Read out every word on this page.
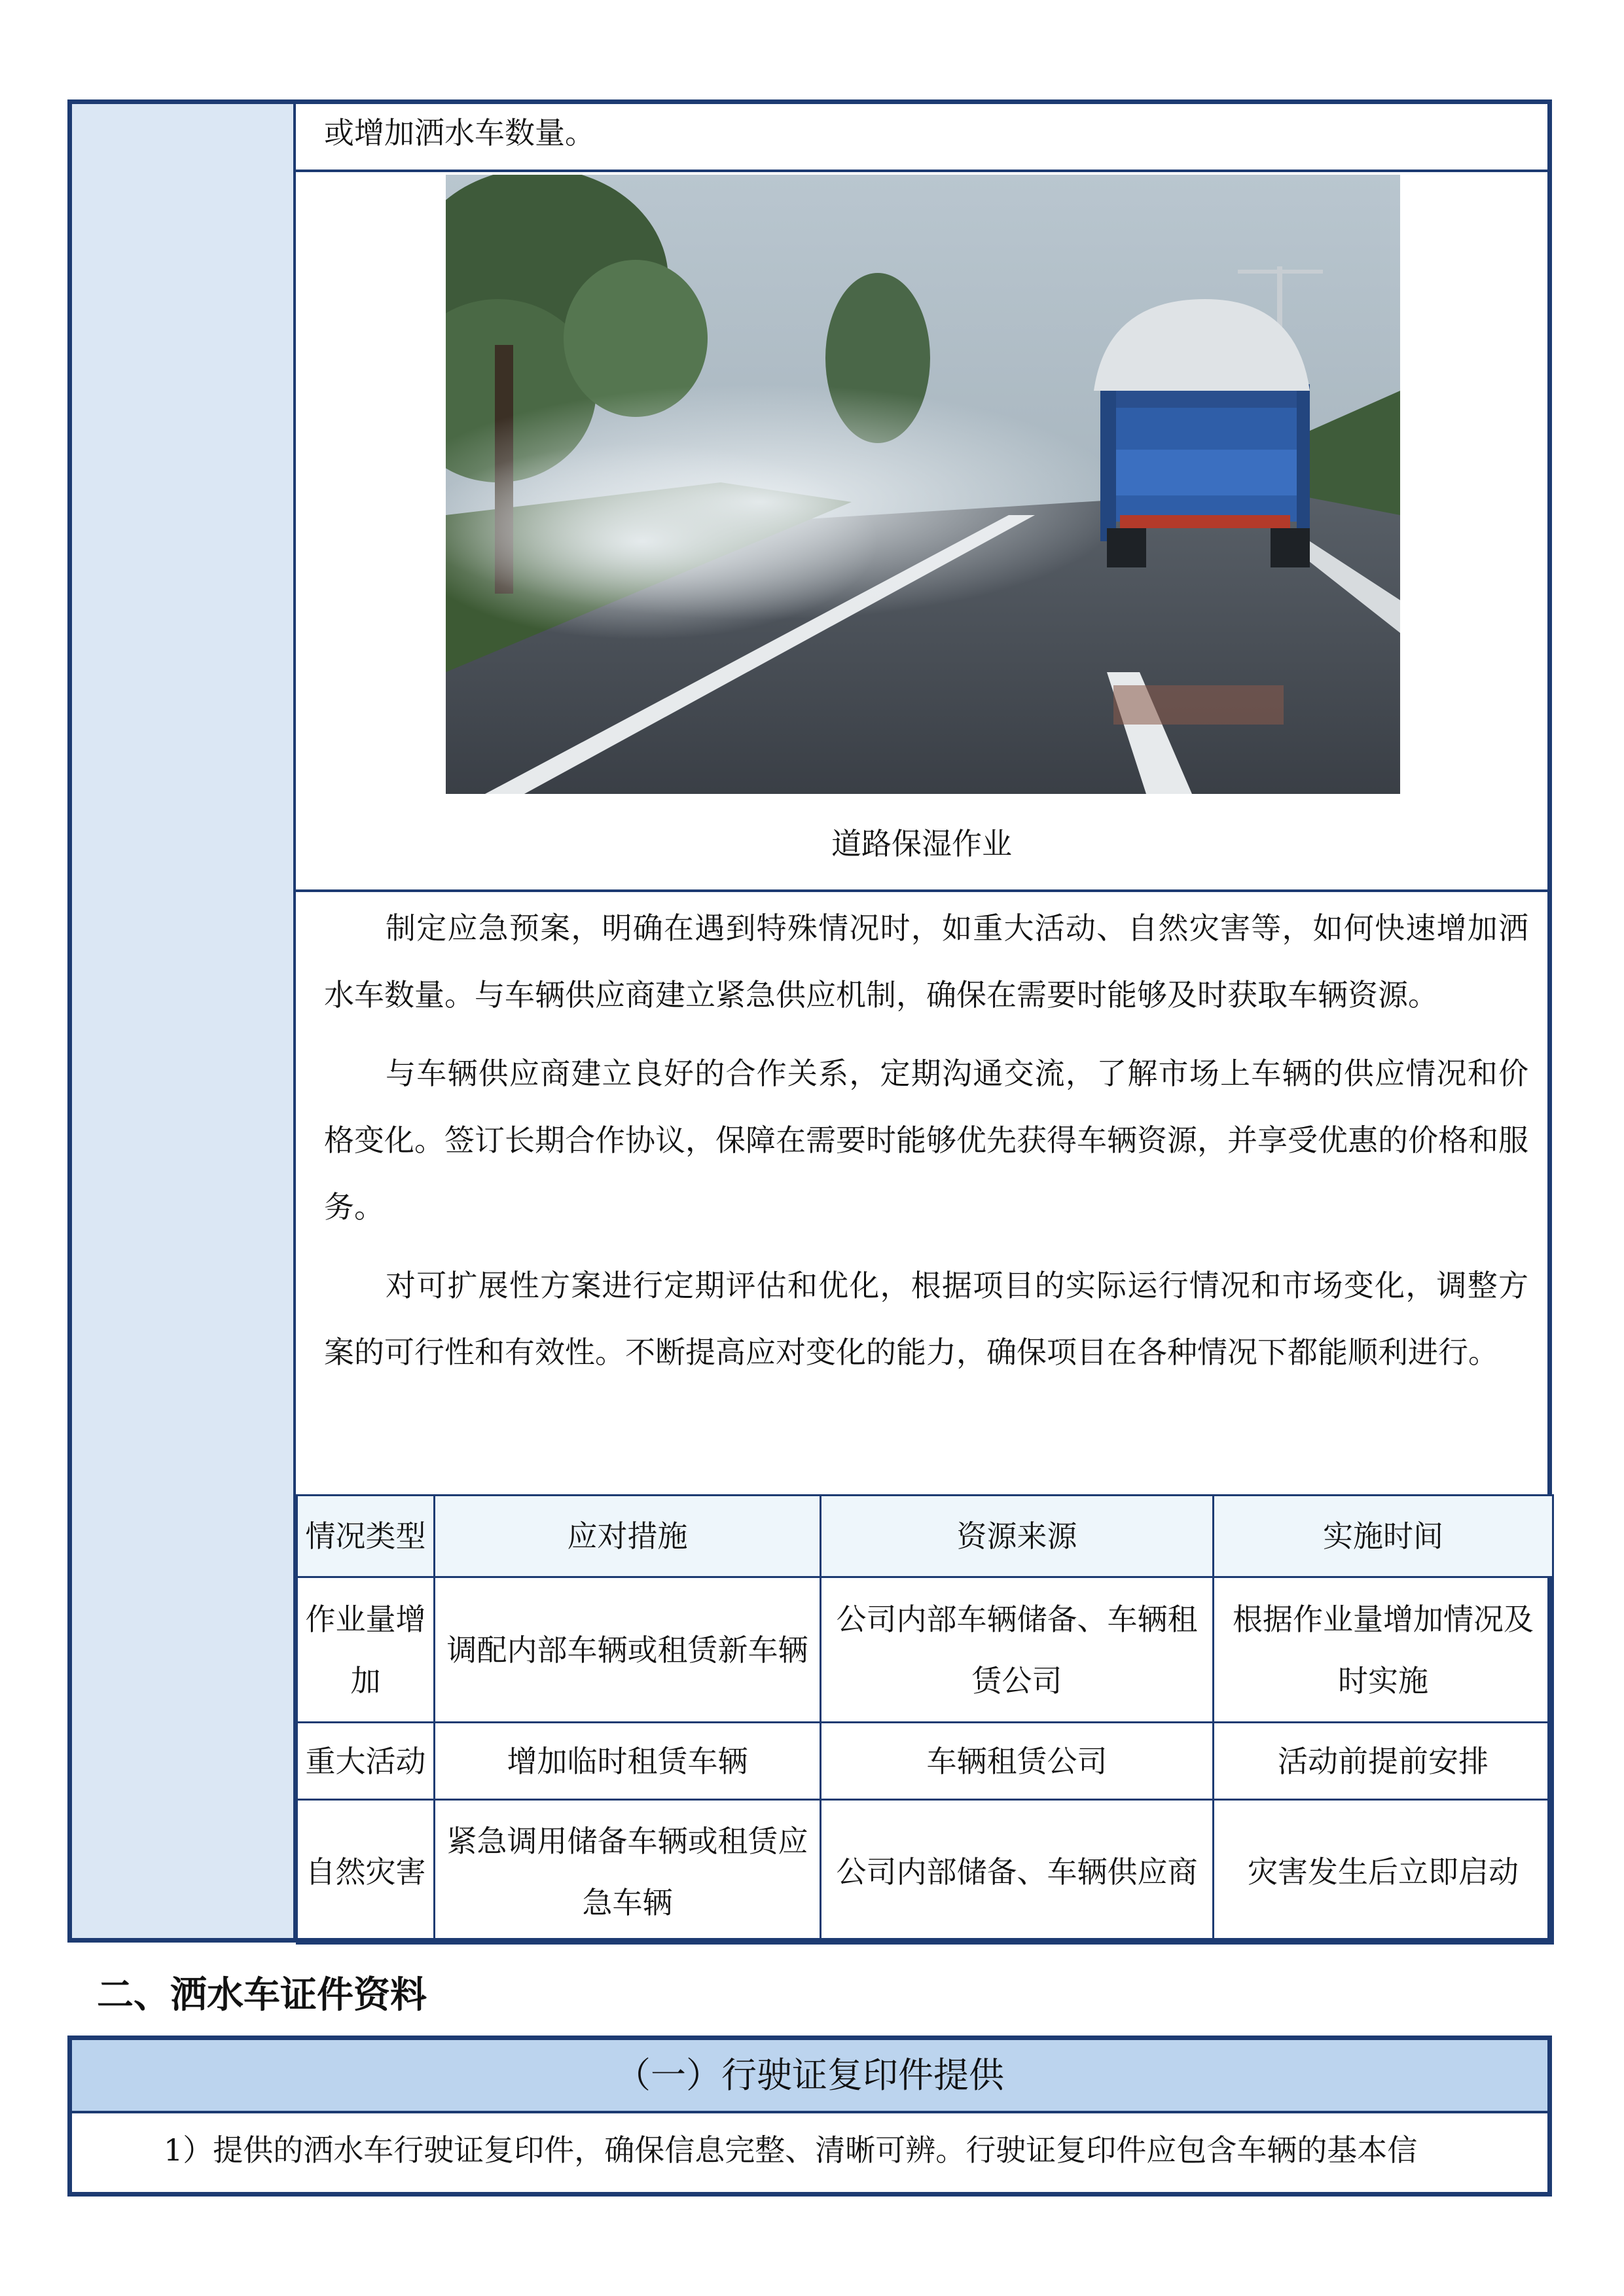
或增加洒水车数量。
道路保湿作业

制定应急预案，明确在遇到特殊情况时，如重大活动、自然灾害等，如何快速增加洒水车数量。与车辆供应商建立紧急供应机制，确保在需要时能够及时获取车辆资源。

与车辆供应商建立良好的合作关系，定期沟通交流，了解市场上车辆的供应情况和价格变化。签订长期合作协议，保障在需要时能够优先获得车辆资源，并享受优惠的价格和服务。

对可扩展性方案进行定期评估和优化，根据项目的实际运行情况和市场变化，调整方案的可行性和有效性。不断提高应对变化的能力，确保项目在各种情况下都能顺利进行。

情况类型	应对措施	资源来源	实施时间
作业量增加	调配内部车辆或租赁新车辆	公司内部车辆储备、车辆租赁公司	根据作业量增加情况及时实施
重大活动	增加临时租赁车辆	车辆租赁公司	活动前提前安排
自然灾害	紧急调用储备车辆或租赁应急车辆	公司内部储备、车辆供应商	灾害发生后立即启动
二、洒水车证件资料
（一）行驶证复印件提供
1）提供的洒水车行驶证复印件，确保信息完整、清晰可辨。行驶证复印件应包含车辆的基本信
